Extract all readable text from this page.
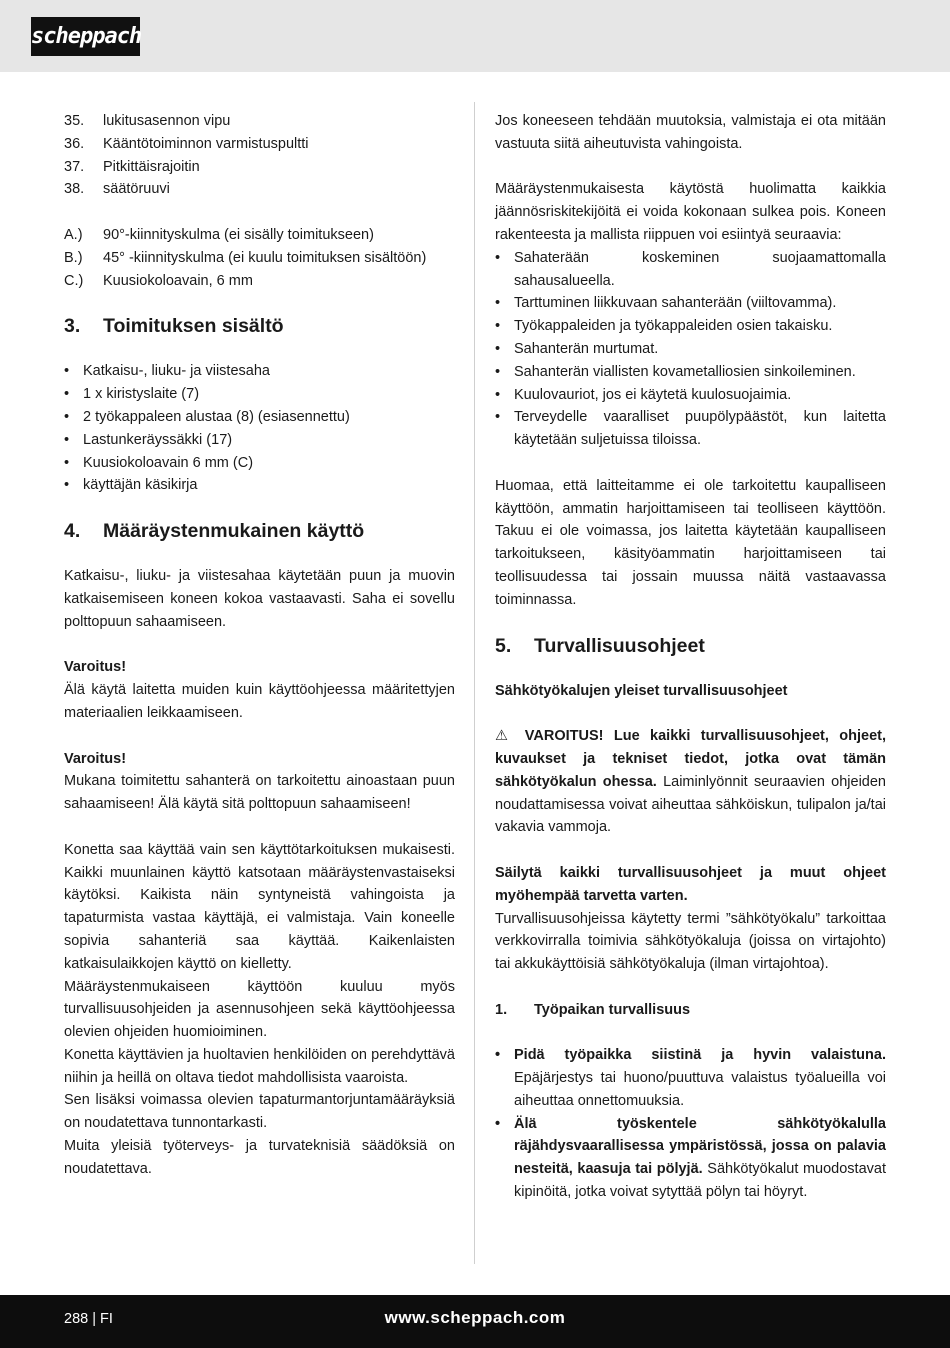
scheppach
35.	lukitusasennon vipu
36.	Kääntötoiminnon varmistuspultti
37.	Pitkittäisrajoitin
38.	säätöruuvi
A.)	90°-kiinnityskulma (ei sisälly toimitukseen)
B.)	45° -kiinnityskulma (ei kuulu toimituksen sisältöön)
C.)	Kuusiokoloavain, 6 mm
3.	Toimituksen sisältö
• Katkaisu-, liuku- ja viistesaha
• 1 x kiristyslaite (7)
• 2 työkappaleen alustaa (8) (esiasennettu)
• Lastunkeräyssäkki (17)
• Kuusiokoloavain 6 mm (C)
• käyttäjän käsikirja
4.	Määräystenmukainen käyttö

Katkaisu-, liuku- ja viistesahaa käytetään puun ja muovin katkaisemiseen koneen kokoa vastaavasti. Saha ei sovellu polttopuun sahaamiseen.

Varoitus!

Älä käytä laitetta muiden kuin käyttöohjeessa määritettyjen materiaalien leikkaamiseen.

Varoitus!

Mukana toimitettu sahanterä on tarkoitettu ainoastaan puun sahaamiseen! Älä käytä sitä polttopuun sahaamiseen!

Konetta saa käyttää vain sen käyttötarkoituksen mukaisesti. Kaikki muunlainen käyttö katsotaan määräystenvastaiseksi käytöksi. Kaikista näin syntyneistä vahingoista ja tapaturmista vastaa käyttäjä, ei valmistaja. Vain koneelle sopivia sahanteriä saa käyttää. Kaikenlaisten katkaisulaikkojen käyttö on kielletty.

Määräystenmukaiseen käyttöön kuuluu myös turvallisuusohjeiden ja asennusohjeen sekä käyttöohjeessa olevien ohjeiden huomioiminen.

Konetta käyttävien ja huoltavien henkilöiden on perehdyttävä niihin ja heillä on oltava tiedot mahdollisista vaaroista.

Sen lisäksi voimassa olevien tapaturmantorjuntamääräyksiä on noudatettava tunnontarkasti.

Muita yleisiä työterveys- ja turvateknisiä säädöksiä on noudatettava.

Jos koneeseen tehdään muutoksia, valmistaja ei ota mitään vastuuta siitä aiheutuvista vahingoista.

Määräystenmukaisesta käytöstä huolimatta kaikkia jäännösriskitekijöitä ei voida kokonaan sulkea pois. Koneen rakenteesta ja mallista riippuen voi esiintyä seuraavia:

• Sahaterään koskeminen suojaamattomalla sahausalueella.
• Tarttuminen liikkuvaan sahanterään (viiltovamma).
• Työkappaleiden ja työkappaleiden osien takaisku.
• Sahanterän murtumat.
• Sahanterän viallisten kovametalliosien sinkoileminen.
• Kuulovauriot, jos ei käytetä kuulosuojaimia.
• Terveydelle vaaralliset puupölypäästöt, kun laitetta käytetään suljetuissa tiloissa.

Huomaa, että laitteitamme ei ole tarkoitettu kaupalliseen käyttöön, ammatin harjoittamiseen tai teolliseen käyttöön. Takuu ei ole voimassa, jos laitetta käytetään kaupalliseen tarkoitukseen, käsityöammatin harjoittamiseen tai teollisuudessa tai jossain muussa näitä vastaavassa toiminnassa.

5.	Turvallisuusohjeet

Sähkötyökalujen yleiset turvallisuusohjeet

⚠ VAROITUS! Lue kaikki turvallisuusohjeet, ohjeet, kuvaukset ja tekniset tiedot, jotka ovat tämän sähkötyökalun ohessa. Laiminlyönnit seuraavien ohjeiden noudattamisessa voivat aiheuttaa sähköiskun, tulipalon ja/tai vakavia vammoja.

Säilytä kaikki turvallisuusohjeet ja muut ohjeet myöhempää tarvetta varten.

Turvallisuusohjeissa käytetty termi ”sähkötyökalu” tarkoittaa verkkovirralla toimivia sähkötyökaluja (joissa on virtajohto) tai akkukäyttöisiä sähkötyökaluja (ilman virtajohtoa).

1.	Työpaikan turvallisuus
• Pidä työpaikka siistinä ja hyvin valaistuna. Epäjärjestys tai huono/puuttuva valaistus työalueilla voi aiheuttaa onnettomuuksia.
• Älä työskentele sähkötyökalulla räjähdysvaarallisessa ympäristössä, jossa on palavia nesteitä, kaasuja tai pölyjä. Sähkötyökalut muodostavat kipinöitä, jotka voivat sytyttää pölyn tai höyryt.
288 | FI	www.scheppach.com
